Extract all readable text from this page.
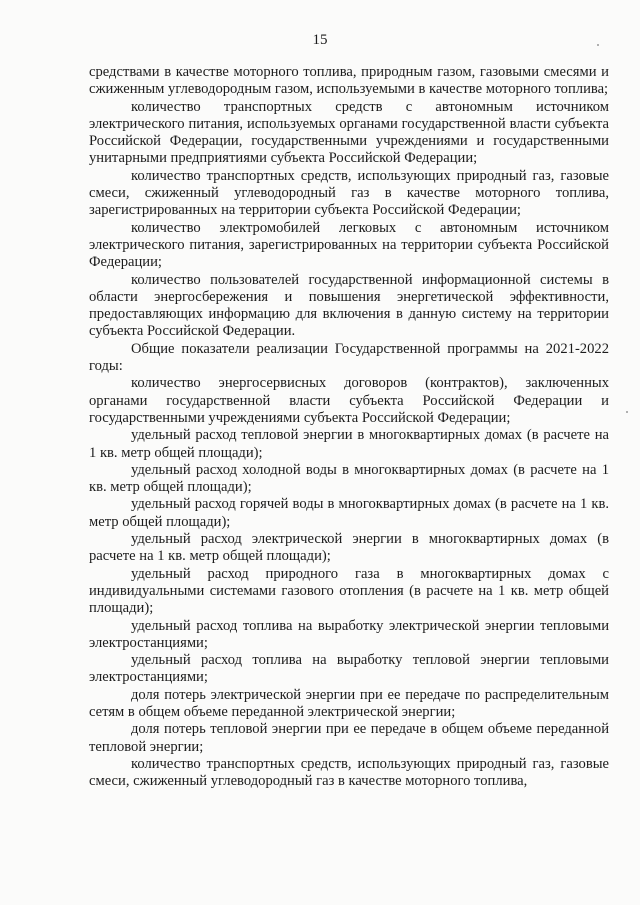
15

средствами в качестве моторного топлива, природным газом, газовыми смесями и сжиженным углеводородным газом, используемыми в качестве моторного топлива;

количество транспортных средств с автономным источником электрического питания, используемых органами государственной власти субъекта Российской Федерации, государственными учреждениями и государственными унитарными предприятиями субъекта Российской Федерации;

количество транспортных средств, использующих природный газ, газовые смеси, сжиженный углеводородный газ в качестве моторного топлива, зарегистрированных на территории субъекта Российской Федерации;

количество электромобилей легковых с автономным источником электрического питания, зарегистрированных на территории субъекта Российской Федерации;

количество пользователей государственной информационной системы в области энергосбережения и повышения энергетической эффективности, предоставляющих информацию для включения в данную систему на территории субъекта Российской Федерации.

Общие показатели реализации Государственной программы на 2021-2022 годы:

количество энергосервисных договоров (контрактов), заключенных органами государственной власти субъекта Российской Федерации и государственными учреждениями субъекта Российской Федерации;

удельный расход тепловой энергии в многоквартирных домах (в расчете на 1 кв. метр общей площади);

удельный расход холодной воды в многоквартирных домах (в расчете на 1 кв. метр общей площади);

удельный расход горячей воды в многоквартирных домах (в расчете на 1 кв. метр общей площади);

удельный расход электрической энергии в многоквартирных домах (в расчете на 1 кв. метр общей площади);

удельный расход природного газа в многоквартирных домах с индивидуальными системами газового отопления (в расчете на 1 кв. метр общей площади);

удельный расход топлива на выработку электрической энергии тепловыми электростанциями;

удельный расход топлива на выработку тепловой энергии тепловыми электростанциями;

доля потерь электрической энергии при ее передаче по распределительным сетям в общем объеме переданной электрической энергии;

доля потерь тепловой энергии при ее передаче в общем объеме переданной тепловой энергии;

количество транспортных средств, использующих природный газ, газовые смеси, сжиженный углеводородный газ в качестве моторного топлива,
